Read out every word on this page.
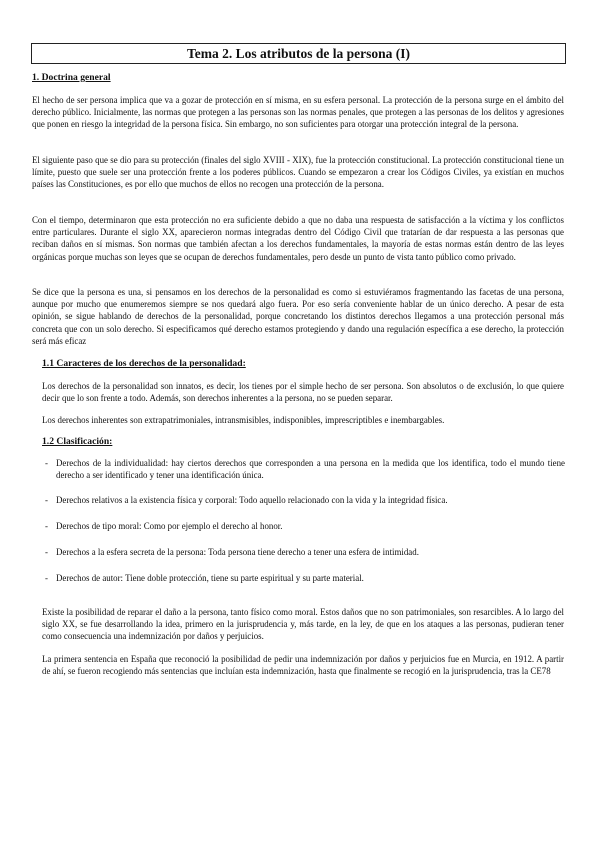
Tema 2. Los atributos de la persona (I)

1. Doctrina general

El hecho de ser persona implica que va a gozar de protección en sí misma, en su esfera personal. La protección de la persona surge en el ámbito del derecho público. Inicialmente, las normas que protegen a las personas son las normas penales, que protegen a las personas de los delitos y agresiones que ponen en riesgo la integridad de la persona física. Sin embargo, no son suficientes para otorgar una protección integral de la persona.

El siguiente paso que se dio para su protección (finales del siglo XVIII - XIX), fue la protección constitucional. La protección constitucional tiene un límite, puesto que suele ser una protección frente a los poderes públicos. Cuando se empezaron a crear los Códigos Civiles, ya existían en muchos países las Constituciones, es por ello que muchos de ellos no recogen una protección de la persona.

Con el tiempo, determinaron que esta protección no era suficiente debido a que no daba una respuesta de satisfacción a la víctima y los conflictos entre particulares. Durante el siglo XX, aparecieron normas integradas dentro del Código Civil que tratarían de dar respuesta a las personas que reciban daños en sí mismas. Son normas que también afectan a los derechos fundamentales, la mayoría de estas normas están dentro de las leyes orgánicas porque muchas son leyes que se ocupan de derechos fundamentales, pero desde un punto de vista tanto público como privado.

Se dice que la persona es una, si pensamos en los derechos de la personalidad es como si estuviéramos fragmentando las facetas de una persona, aunque por mucho que enumeremos siempre se nos quedará algo fuera. Por eso sería conveniente hablar de un único derecho. A pesar de esta opinión, se sigue hablando de derechos de la personalidad, porque concretando los distintos derechos llegamos a una protección personal más concreta que con un solo derecho. Si especificamos qué derecho estamos protegiendo y dando una regulación específica a ese derecho, la protección será más eficaz

1.1 Caracteres de los derechos de la personalidad:

Los derechos de la personalidad son innatos, es decir, los tienes por el simple hecho de ser persona. Son absolutos o de exclusión, lo que quiere decir que lo son frente a todo. Además, son derechos inherentes a la persona, no se pueden separar.

Los derechos inherentes son extrapatrimoniales, intransmisibles, indisponibles, imprescriptibles e inembargables.

1.2 Clasificación:

- Derechos de la individualidad: hay ciertos derechos que corresponden a una persona en la medida que los identifica, todo el mundo tiene derecho a ser identificado y tener una identificación única.
- Derechos relativos a la existencia física y corporal: Todo aquello relacionado con la vida y la integridad física.
- Derechos de tipo moral: Como por ejemplo el derecho al honor.
- Derechos a la esfera secreta de la persona: Toda persona tiene derecho a tener una esfera de intimidad.
- Derechos de autor: Tiene doble protección, tiene su parte espiritual y su parte material.

Existe la posibilidad de reparar el daño a la persona, tanto físico como moral. Estos daños que no son patrimoniales, son resarcibles. A lo largo del siglo XX, se fue desarrollando la idea, primero en la jurisprudencia y, más tarde, en la ley, de que en los ataques a las personas, pudieran tener como consecuencia una indemnización por daños y perjuicios.

La primera sentencia en España que reconoció la posibilidad de pedir una indemnización por daños y perjuicios fue en Murcia, en 1912. A partir de ahí, se fueron recogiendo más sentencias que incluían esta indemnización, hasta que finalmente se recogió en la jurisprudencia, tras la CE78
